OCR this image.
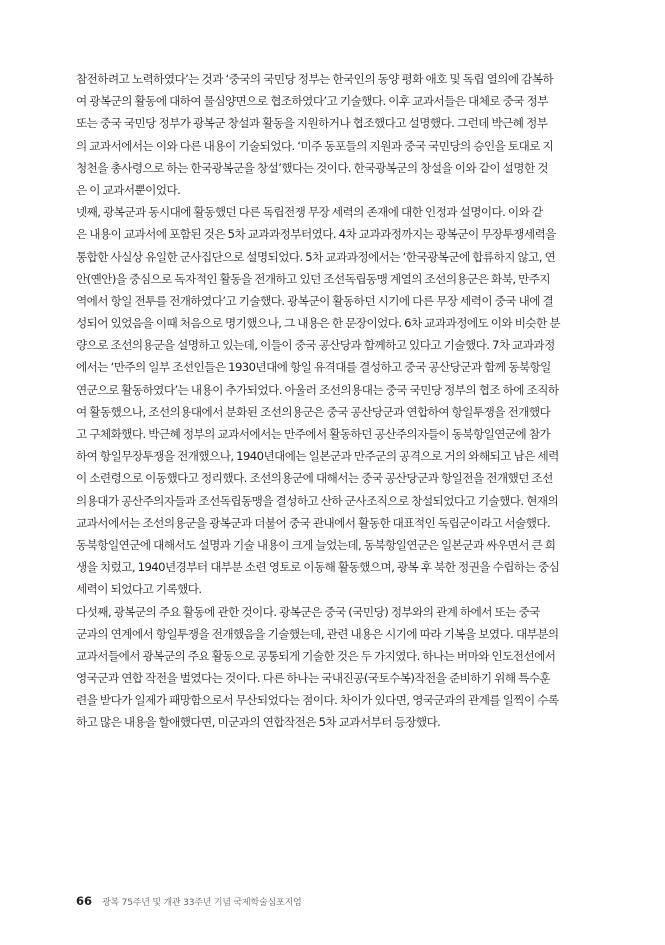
참전하려고 노력하였다’는 것과 ‘중국의 국민당 정부는 한국인의 동양 평화 애호 및 독립 열의에 감복하
여 광복군의 활동에 대하여 물심양면으로 협조하였다’고 기술했다. 이후 교과서들은 대체로 중국 정부
또는 중국 국민당 정부가 광복군 창설과 활동을 지원하거나 협조했다고 설명했다. 그런데 박근혜 정부
의 교과서에서는 이와 다른 내용이 기술되었다. ‘미주 동포들의 지원과 중국 국민당의 승인을 토대로 지
청천을 총사령으로 하는 한국광복군을 창설’했다는 것이다. 한국광복군의 창설을 이와 같이 설명한 것
은 이 교과서뿐이었다.
넷째, 광복군과 동시대에 활동했던 다른 독립전쟁 무장 세력의 존재에 대한 인정과 설명이다. 이와 같
은 내용이 교과서에 포함된 것은 5차 교과과정부터였다. 4차 교과과정까지는 광복군이 무장투쟁세력을
통합한 사실상 유일한 군사집단으로 설명되었다. 5차 교과과정에서는 ‘한국광복군에 합류하지 않고, 연
안(옌안)을 중심으로 독자적인 활동을 전개하고 있던 조선독립동맹 계열의 조선의용군은 화북, 만주지
역에서 항일 전투를 전개하였다’고 기술했다. 광복군이 활동하던 시기에 다른 무장 세력이 중국 내에 결
성되어 있었음을 이때 처음으로 명기했으나, 그 내용은 한 문장이었다. 6차 교과과정에도 이와 비슷한 분
량으로 조선의용군을 설명하고 있는데, 이들이 중국 공산당과 함께하고 있다고 기술했다. 7차 교과과정
에서는 ‘만주의 일부 조선인들은 1930년대에 항일 유격대를 결성하고 중국 공산당군과 함께 동북항일
연군으로 활동하였다’는 내용이 추가되었다. 아울러 조선의용대는 중국 국민당 정부의 협조 하에 조직하
여 활동했으나, 조선의용대에서 분화된 조선의용군은 중국 공산당군과 연합하여 항일투쟁을 전개했다
고 구체화했다. 박근혜 정부의 교과서에서는 만주에서 활동하던 공산주의자들이 동북항일연군에 참가
하여 항일무장투쟁을 전개했으나, 1940년대에는 일본군과 만주군의 공격으로 거의 와해되고 남은 세력
이 소련령으로 이동했다고 정리했다. 조선의용군에 대해서는 중국 공산당군과 항일전을 전개했던 조선
의용대가 공산주의자들과 조선독립동맹을 결성하고 산하 군사조직으로 창설되었다고 기술했다. 현재의
교과서에서는 조선의용군을 광복군과 더불어 중국 관내에서 활동한 대표적인 독립군이라고 서술했다.
동북항일연군에 대해서도 설명과 기술 내용이 크게 늘었는데, 동북항일연군은 일본군과 싸우면서 큰 희
생을 치렀고, 1940년경부터 대부분 소련 영토로 이동해 활동했으며, 광복 후 북한 정권을 수립하는 중심
세력이 되었다고 기록했다.
다섯째, 광복군의 주요 활동에 관한 것이다. 광복군은 중국 (국민당) 정부와의 관계 하에서 또는 중국
군과의 연계에서 항일투쟁을 전개했음을 기술했는데, 관련 내용은 시기에 따라 기복을 보였다. 대부분의
교과서들에서 광복군의 주요 활동으로 공통되게 기술한 것은 두 가지였다. 하나는 버마와 인도전선에서
영국군과 연합 작전을 벌였다는 것이다. 다른 하나는 국내진공(국토수복)작전을 준비하기 위해 특수훈
련을 받다가 일제가 패망함으로서 무산되었다는 점이다. 차이가 있다면, 영국군과의 관계를 일찍이 수록
하고 많은 내용을 할애했다면, 미군과의 연합작전은 5차 교과서부터 등장했다.
66 광복 75주년 및 개관 33주년 기념 국제학술심포지엄
